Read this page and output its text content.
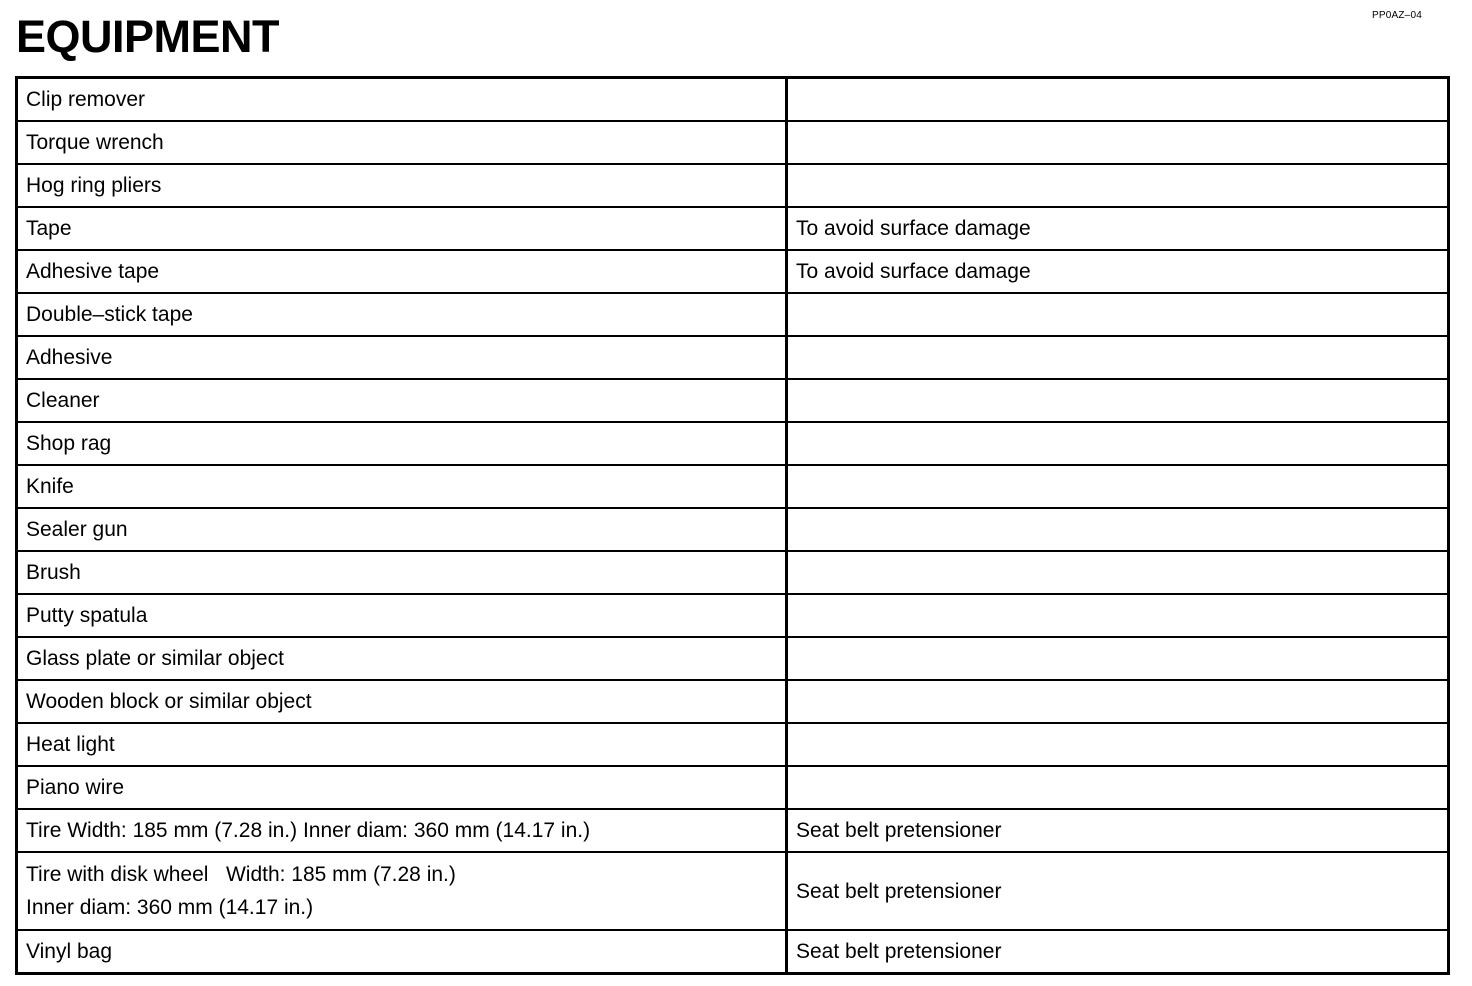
PP0AZ–04
EQUIPMENT
Clip remover	
Torque wrench	
Hog ring pliers	
Tape	To avoid surface damage
Adhesive tape	To avoid surface damage
Double–stick tape	
Adhesive	
Cleaner	
Shop rag	
Knife	
Sealer gun	
Brush	
Putty spatula	
Glass plate or similar object	
Wooden block or similar object	
Heat light	
Piano wire	
Tire Width: 185 mm (7.28 in.) Inner diam: 360 mm (14.17 in.)	Seat belt pretensioner

Tire with disk wheel   Width: 185 mm (7.28 in.)
Inner diam: 360 mm (14.17 in.)	Seat belt pretensioner
Vinyl bag	Seat belt pretensioner
